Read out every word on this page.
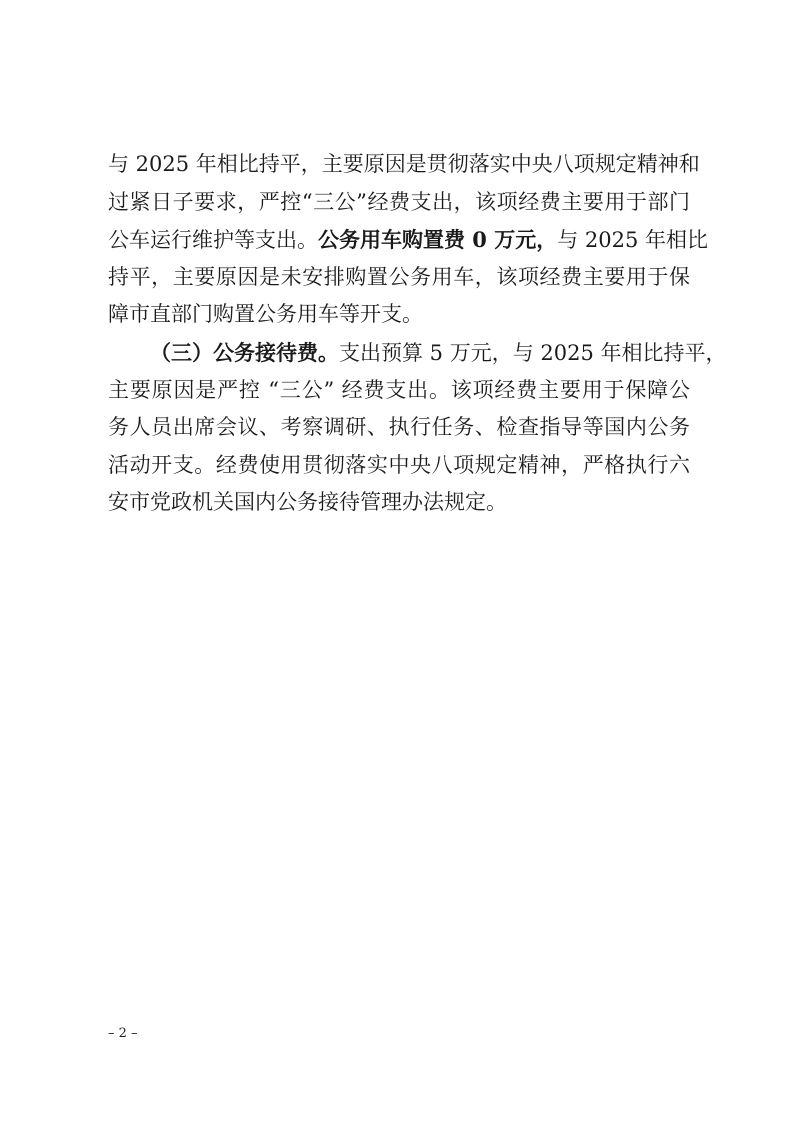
与 2025 年相比持平，主要原因是贯彻落实中央八项规定精神和
过紧日子要求，严控“三公”经费支出，该项经费主要用于部门
公车运行维护等支出。公务用车购置费 0 万元，与 2025 年相比
持平，主要原因是未安排购置公务用车，该项经费主要用于保
障市直部门购置公务用车等开支。
（三）公务接待费。支出预算 5 万元，与 2025 年相比持平，
主要原因是严控 “三公” 经费支出。该项经费主要用于保障公
务人员出席会议、考察调研、执行任务、检查指导等国内公务
活动开支。经费使用贯彻落实中央八项规定精神，严格执行六
安市党政机关国内公务接待管理办法规定。
– 2 –
